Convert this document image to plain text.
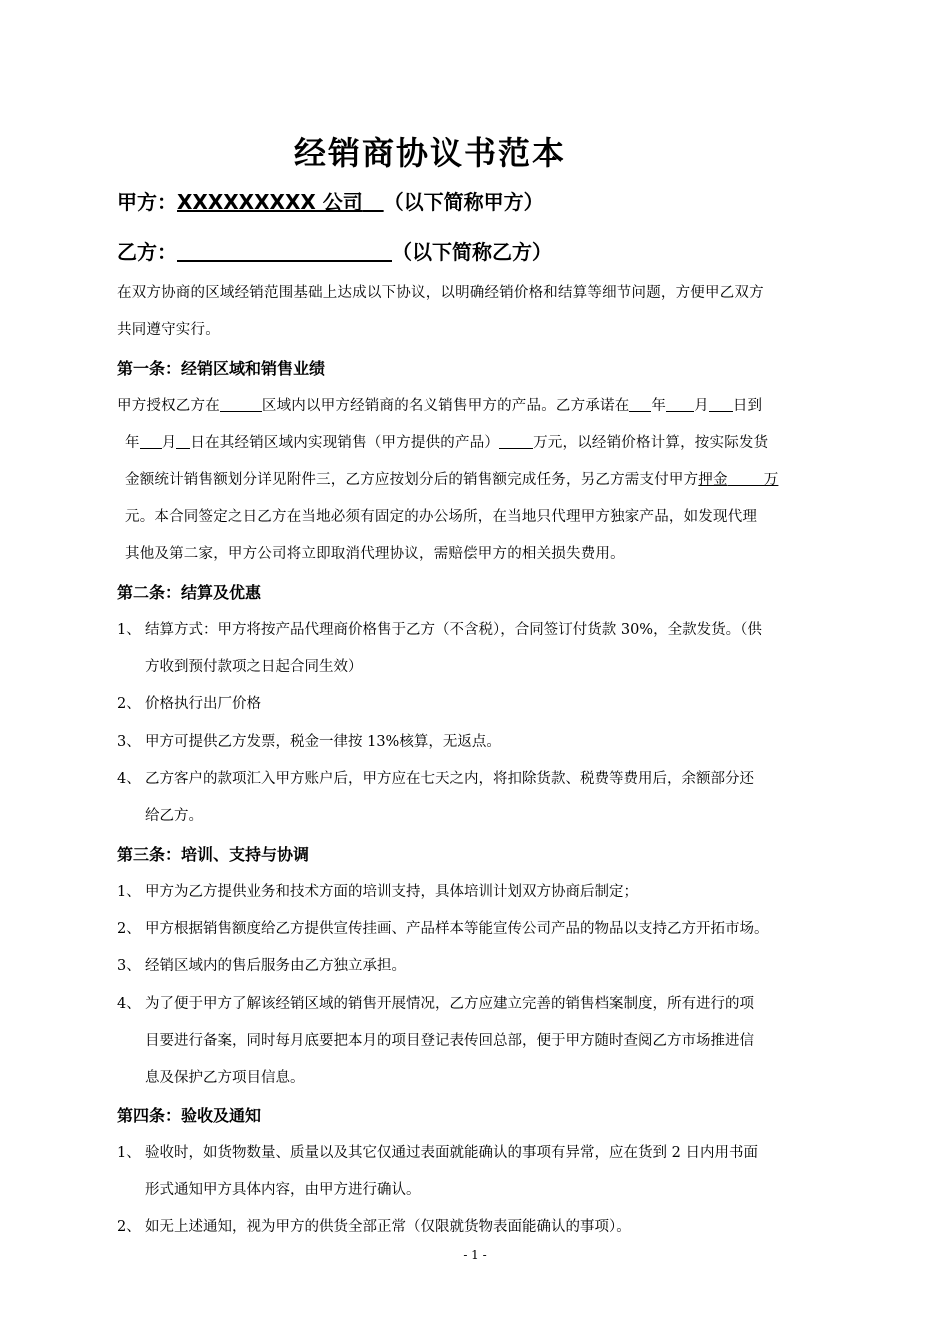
经销商协议书范本
甲方：XXXXXXXXX 公司 （以下简称甲方）
乙方：	（以下简称乙方）
在双方协商的区域经销范围基础上达成以下协议，以明确经销价格和结算等细节问题，方便甲乙双方
共同遵守实行。
第一条：经销区域和销售业绩
甲方授权乙方在	区域内以甲方经销商的名义销售甲方的产品。乙方承诺在 年 月 日到
年 月 日在其经销区域内实现销售（甲方提供的产品） 万元，以经销价格计算，按实际发货
金额统计销售额划分详见附件三，乙方应按划分后的销售额完成任务，另乙方需支付甲方押金 万
元。本合同签定之日乙方在当地必须有固定的办公场所，在当地只代理甲方独家产品，如发现代理
其他及第二家，甲方公司将立即取消代理协议，需赔偿甲方的相关损失费用。
第二条：结算及优惠
1、 结算方式：甲方将按产品代理商价格售于乙方（不含税），合同签订付货款 30%，全款发货。（供
方收到预付款项之日起合同生效）
2、 价格执行出厂价格
3、 甲方可提供乙方发票，税金一律按 13%核算，无返点。
4、 乙方客户的款项汇入甲方账户后，甲方应在七天之内，将扣除货款、税费等费用后，余额部分还
给乙方。
第三条：培训、支持与协调
1、 甲方为乙方提供业务和技术方面的培训支持，具体培训计划双方协商后制定；
2、 甲方根据销售额度给乙方提供宣传挂画、产品样本等能宣传公司产品的物品以支持乙方开拓市场。
3、 经销区域内的售后服务由乙方独立承担。
4、 为了便于甲方了解该经销区域的销售开展情况，乙方应建立完善的销售档案制度，所有进行的项
目要进行备案，同时每月底要把本月的项目登记表传回总部，便于甲方随时查阅乙方市场推进信
息及保护乙方项目信息。
第四条：验收及通知
1、 验收时，如货物数量、质量以及其它仅通过表面就能确认的事项有异常，应在货到 2 日内用书面
形式通知甲方具体内容，由甲方进行确认。
2、 如无上述通知，视为甲方的供货全部正常（仅限就货物表面能确认的事项）。
- 1 -
